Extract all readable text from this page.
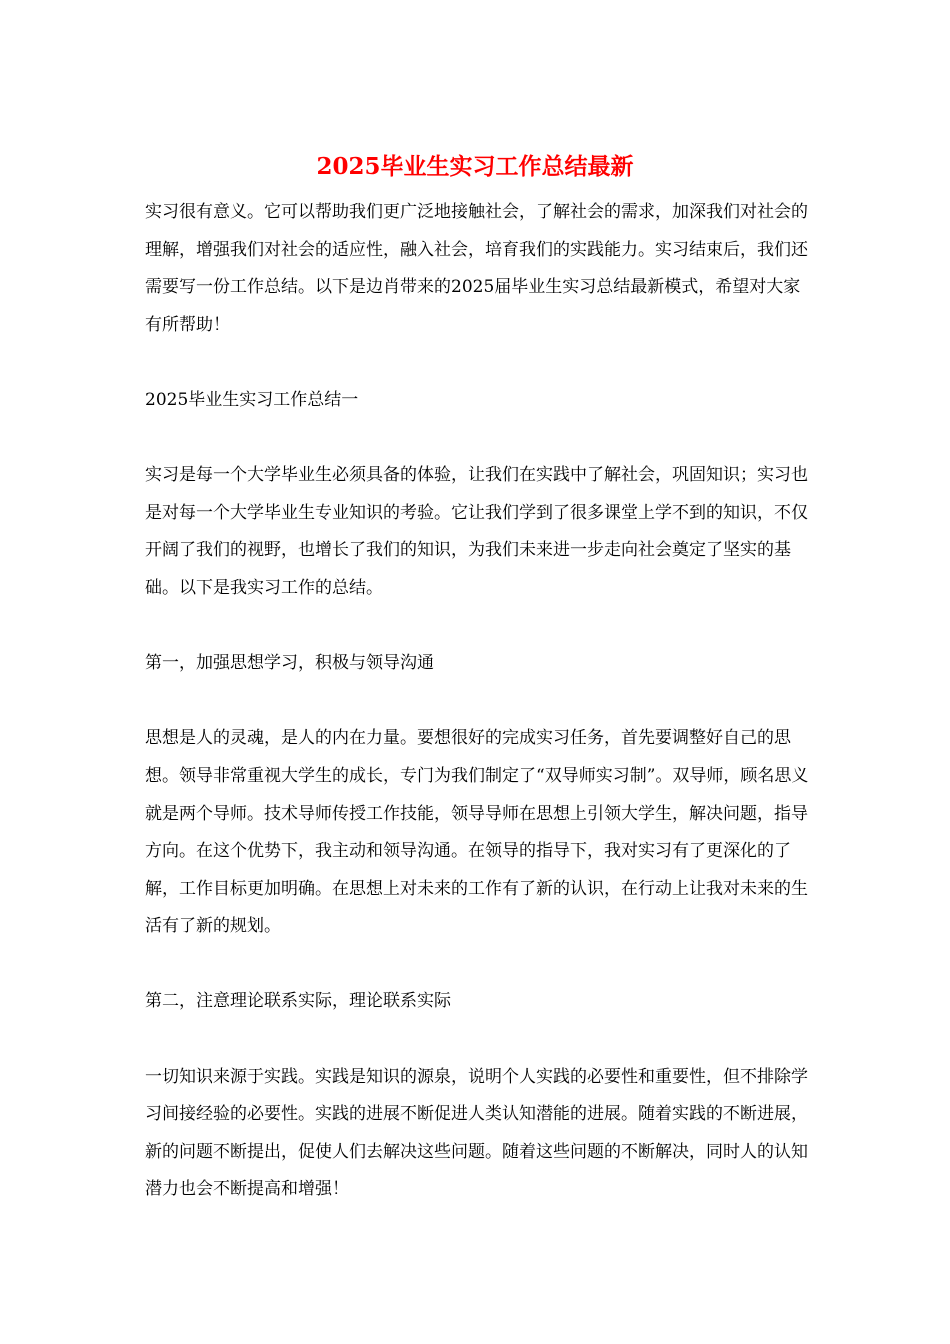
2025毕业生实习工作总结最新

实习很有意义。它可以帮助我们更广泛地接触社会，了解社会的需求，加深我们对社会的理解，增强我们对社会的适应性，融入社会，培育我们的实践能力。实习结束后，我们还需要写一份工作总结。以下是边肖带来的2025届毕业生实习总结最新模式，希望对大家有所帮助！

2025毕业生实习工作总结一

实习是每一个大学毕业生必须具备的体验，让我们在实践中了解社会，巩固知识；实习也是对每一个大学毕业生专业知识的考验。它让我们学到了很多课堂上学不到的知识，不仅开阔了我们的视野，也增长了我们的知识，为我们未来进一步走向社会奠定了坚实的基础。以下是我实习工作的总结。

第一，加强思想学习，积极与领导沟通

思想是人的灵魂，是人的内在力量。要想很好的完成实习任务，首先要调整好自己的思想。领导非常重视大学生的成长，专门为我们制定了“双导师实习制”。双导师，顾名思义就是两个导师。技术导师传授工作技能，领导导师在思想上引领大学生，解决问题，指导方向。在这个优势下，我主动和领导沟通。在领导的指导下，我对实习有了更深化的了解，工作目标更加明确。在思想上对未来的工作有了新的认识，在行动上让我对未来的生活有了新的规划。

第二，注意理论联系实际，理论联系实际

一切知识来源于实践。实践是知识的源泉，说明个人实践的必要性和重要性，但不排除学习间接经验的必要性。实践的进展不断促进人类认知潜能的进展。随着实践的不断进展，新的问题不断提出，促使人们去解决这些问题。随着这些问题的不断解决，同时人的认知潜力也会不断提高和增强！
